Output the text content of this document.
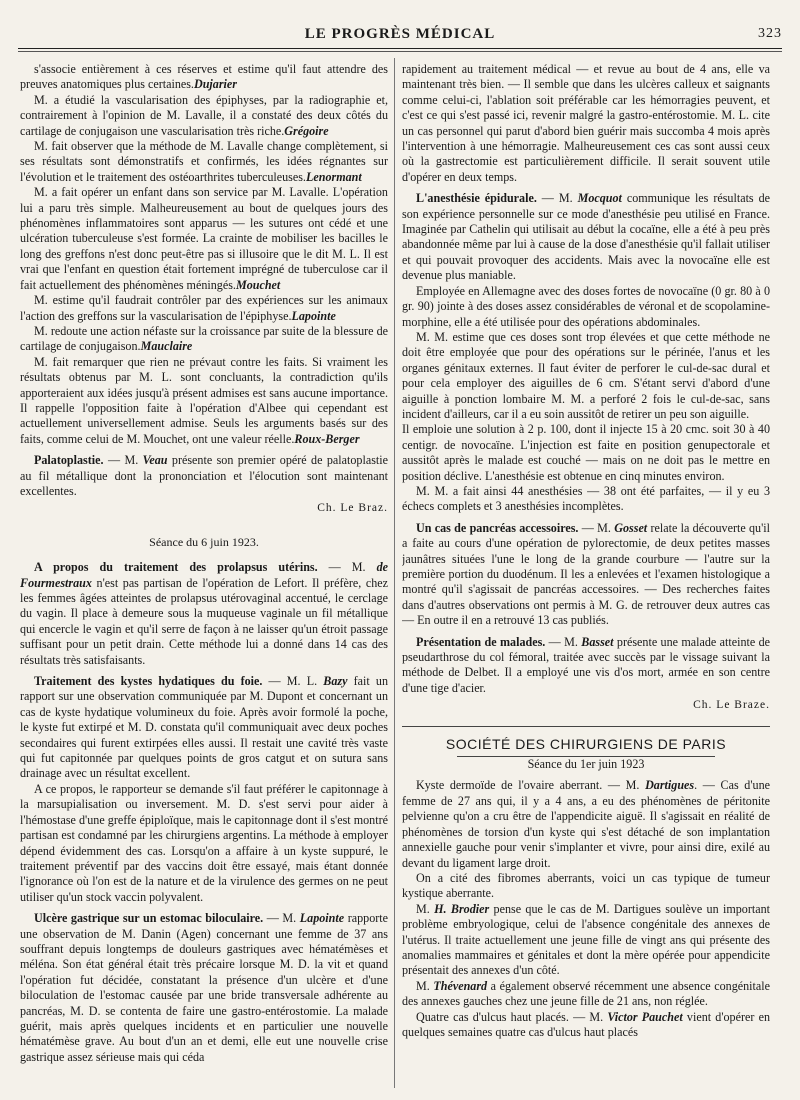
LE PROGRÈS MÉDICAL	323

s'associe entièrement à ces réserves et estime qu'il faut attendre des preuves anatomiques plus certaines.Dujarier

M. a étudié la vascularisation des épiphyses, par la radiographie et, contrairement à l'opinion de M. Lavalle, il a constaté des deux côtés du cartilage de conjugaison une vascularisation très riche.Grégoire

M. fait observer que la méthode de M. Lavalle change complètement, si ses résultats sont démonstratifs et confirmés, les idées régnantes sur l'évolution et le traitement des ostéoarthrites tuberculeuses.Lenormant

M. a fait opérer un enfant dans son service par M. Lavalle. L'opération lui a paru très simple. Malheureusement au bout de quelques jours des phénomènes inflammatoires sont apparus — les sutures ont cédé et une ulcération tuberculeuse s'est formée. La crainte de mobiliser les bacilles le long des greffons n'est donc peut-être pas si illusoire que le dit M. L. Il est vrai que l'enfant en question était fortement imprégné de tuberculose car il fait actuellement des phénomènes méningés.Mouchet

M. estime qu'il faudrait contrôler par des expériences sur les animaux l'action des greffons sur la vascularisation de l'épiphyse.Lapointe

M. redoute une action néfaste sur la croissance par suite de la blessure de cartilage de conjugaison.Mauclaire

M. fait remarquer que rien ne prévaut contre les faits. Si vraiment les résultats obtenus par M. L. sont concluants, la contradiction qu'ils apporteraient aux idées jusqu'à présent admises est sans aucune importance. Il rappelle l'opposition faite à l'opération d'Albee qui cependant est actuellement universellement admise. Seuls les arguments basés sur des faits, comme celui de M. Mouchet, ont une valeur réelle.Roux-Berger

Palatoplastie. — M. Veau présente son premier opéré de palatoplastie au fil métallique dont la prononciation et l'élocution sont maintenant excellentes.

Ch. Le Braz.

Séance du 6 juin 1923.

A propos du traitement des prolapsus utérins. — M. de Fourmestraux n'est pas partisan de l'opération de Lefort. Il préfère, chez les femmes âgées atteintes de prolapsus utérovaginal accentué, le cerclage du vagin. Il place à demeure sous la muqueuse vaginale un fil métallique qui encercle le vagin et qu'il serre de façon à ne laisser qu'un étroit passage suffisant pour un petit drain. Cette méthode lui a donné dans 14 cas des résultats très satisfaisants.

Traitement des kystes hydatiques du foie. — M. L. Bazy fait un rapport sur une observation communiquée par M. Dupont et concernant un cas de kyste hydatique volumineux du foie. Après avoir formolé la poche, le kyste fut extirpé et M. D. constata qu'il communiquait avec deux poches secondaires qui furent extirpées elles aussi. Il restait une cavité très vaste qui fut capitonnée par quelques points de gros catgut et on sutura sans drainage avec un résultat excellent.

A ce propos, le rapporteur se demande s'il faut préférer le capitonnage à la marsupialisation ou inversement. M. D. s'est servi pour aider à l'hémostase d'une greffe épiploïque, mais le capitonnage dont il s'est montré partisan est condamné par les chirurgiens argentins. La méthode à employer dépend évidemment des cas. Lorsqu'on a affaire à un kyste suppuré, le traitement préventif par des vaccins doit être essayé, mais étant donnée l'ignorance où l'on est de la nature et de la virulence des germes on ne peut utiliser qu'un stock vaccin polyvalent.

Ulcère gastrique sur un estomac biloculaire. — M. Lapointe rapporte une observation de M. Danin (Agen) concernant une femme de 37 ans souffrant depuis longtemps de douleurs gastriques avec hématémèses et méléna. Son état général était très précaire lorsque M. D. la vit et quand l'opération fut décidée, constatant la présence d'un ulcère et d'une biloculation de l'estomac causée par une bride transversale adhérente au pancréas, M. D. se contenta de faire une gastro-entérostomie. La malade guérit, mais après quelques incidents et en particulier une nouvelle hématémèse grave. Au bout d'un an et demi, elle eut une nouvelle crise gastrique assez sérieuse mais qui céda

rapidement au traitement médical — et revue au bout de 4 ans, elle va maintenant très bien. — Il semble que dans les ulcères calleux et saignants comme celui-ci, l'ablation soit préférable car les hémorragies peuvent, et c'est ce qui s'est passé ici, revenir malgré la gastro-entérostomie. M. L. cite un cas personnel qui parut d'abord bien guérir mais succomba 4 mois après l'intervention à une hémorragie. Malheureusement ces cas sont aussi ceux où la gastrectomie est particulièrement difficile. Il serait souvent utile d'opérer en deux temps.

L'anesthésie épidurale. — M. Mocquot communique les résultats de son expérience personnelle sur ce mode d'anesthésie peu utilisé en France. Imaginée par Cathelin qui utilisait au début la cocaïne, elle a été à peu près abandonnée même par lui à cause de la dose d'anesthésie qu'il fallait utiliser et qui pouvait provoquer des accidents. Mais avec la novocaïne elle est devenue plus maniable.

Employée en Allemagne avec des doses fortes de novocaïne (0 gr. 80 à 0 gr. 90) jointe à des doses assez considérables de véronal et de scopolamine-morphine, elle a été utilisée pour des opérations abdominales.

M. M. estime que ces doses sont trop élevées et que cette méthode ne doit être employée que pour des opérations sur le périnée, l'anus et les organes génitaux externes. Il faut éviter de perforer le cul-de-sac dural et pour cela employer des aiguilles de 6 cm. S'étant servi d'abord d'une aiguille à ponction lombaire M. M. a perforé 2 fois le cul-de-sac, sans incident d'ailleurs, car il a eu soin aussitôt de retirer un peu son aiguille.

Il emploie une solution à 2 p. 100, dont il injecte 15 à 20 cmc. soit 30 à 40 centigr. de novocaïne. L'injection est faite en position genupectorale et aussitôt après le malade est couché — mais on ne doit pas le mettre en position déclive. L'anesthésie est obtenue en cinq minutes environ.

M. M. a fait ainsi 44 anesthésies — 38 ont été parfaites, — il y eu 3 échecs complets et 3 anesthésies incomplètes.

Un cas de pancréas accessoires. — M. Gosset relate la découverte qu'il a faite au cours d'une opération de pylorectomie, de deux petites masses jaunâtres situées l'une le long de la grande courbure — l'autre sur la première portion du duodénum. Il les a enlevées et l'examen histologique a montré qu'il s'agissait de pancréas accessoires. — Des recherches faites dans d'autres observations ont permis à M. G. de retrouver deux autres cas — En outre il en a retrouvé 13 cas publiés.

Présentation de malades. — M. Basset présente une malade atteinte de pseudarthrose du col fémoral, traitée avec succès par le vissage suivant la méthode de Delbet. Il a employé une vis d'os mort, armée en son centre d'une tige d'acier.

Ch. Le Braze.

SOCIÉTÉ DES CHIRURGIENS DE PARIS

Séance du 1er juin 1923

Kyste dermoïde de l'ovaire aberrant. — M. Dartigues. — Cas d'une femme de 27 ans qui, il y a 4 ans, a eu des phénomènes de péritonite pelvienne qu'on a cru être de l'appendicite aiguë. Il s'agissait en réalité de phénomènes de torsion d'un kyste qui s'est détaché de son implantation annexielle gauche pour venir s'implanter et vivre, pour ainsi dire, exilé au devant du ligament large droit.

On a cité des fibromes aberrants, voici un cas typique de tumeur kystique aberrante.

M. H. Brodier pense que le cas de M. Dartigues soulève un important problème embryologique, celui de l'absence congénitale des annexes de l'utérus. Il traite actuellement une jeune fille de vingt ans qui présente des anomalies mammaires et génitales et dont la mère opérée pour appendicite présentait des annexes d'un côté.

M. Thévenard a également observé récemment une absence congénitale des annexes gauches chez une jeune fille de 21 ans, non réglée.

Quatre cas d'ulcus haut placés. — M. Victor Pauchet vient d'opérer en quelques semaines quatre cas d'ulcus haut placés
